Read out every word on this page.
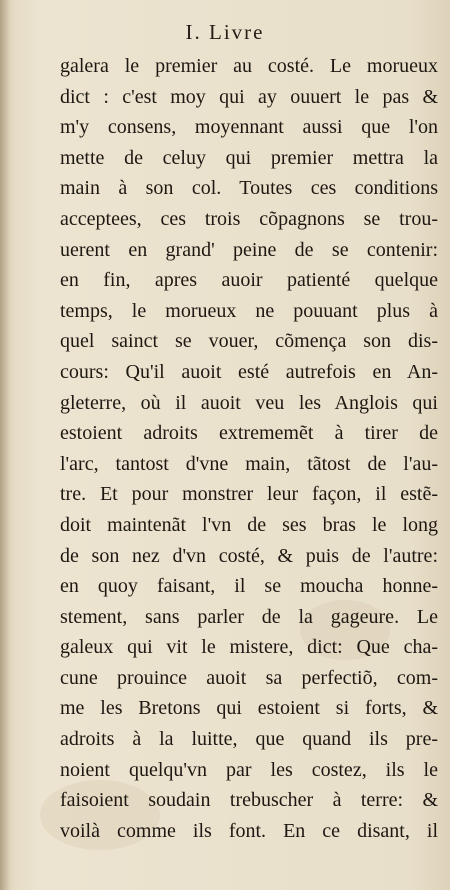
I. Livre
galera le premier au costé. Le morueux
dict : c'est moy qui ay ouuert le pas &
m'y consens, moyennant aussi que l'on
mette de celuy qui premier mettra la
main à son col. Toutes ces conditions
acceptees, ces trois cõpagnons se trou-
uerent en grand' peine de se contenir:
en fin, apres auoir patienté quelque
temps, le morueux ne pouuant plus à
quel sainct se vouer, cõmença son dis-
cours: Qu'il auoit esté autrefois en An-
gleterre, où il auoit veu les Anglois qui
estoient adroits extrememẽt à tirer de
l'arc, tantost d'vne main, tãtost de l'au-
tre. Et pour monstrer leur façon, il estẽ-
doit maintenãt l'vn de ses bras le long
de son nez d'vn costé, & puis de l'autre:
en quoy faisant, il se moucha honne-
stement, sans parler de la gageure. Le
galeux qui vit le mistere, dict: Que cha-
cune prouince auoit sa perfectiõ, com-
me les Bretons qui estoient si forts, &
adroits à la luitte, que quand ils pre-
noient quelqu'vn par les costez, ils le
faisoient soudain trebuscher à terre: &
voilà comme ils font. En ce disant, il
